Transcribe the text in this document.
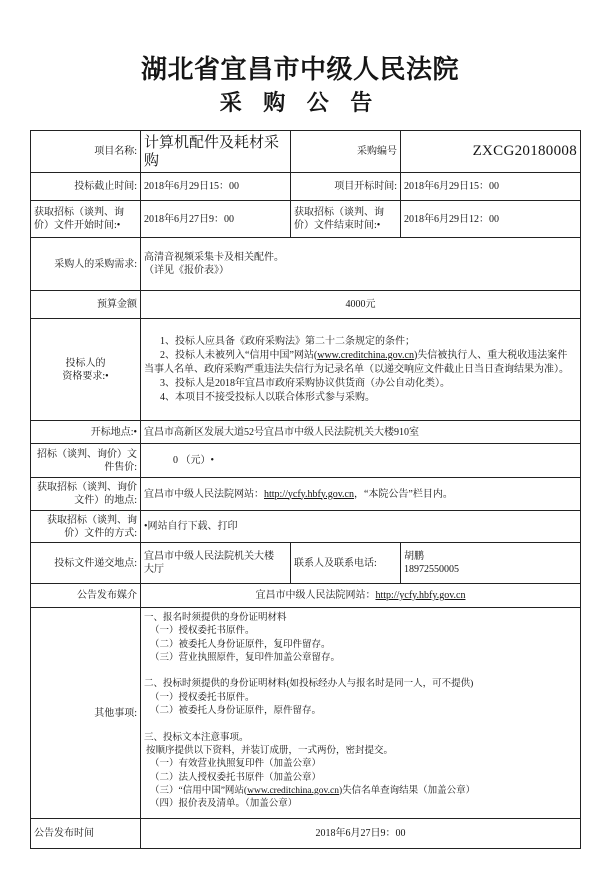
湖北省宜昌市中级人民法院
采 购 公 告
项目名称:
计算机配件及耗材采购
采购编号	ZXCG20180008
投标截止时间: 2018年6月29日15：00	项目开标时间: 2018年6月29日15：00
获取招标（谈判、询价）文件开始时间:•
2018年6月27日9：00
获取招标（谈判、询价）文件结束时间:•
2018年6月29日12：00
采购人的采购需求:
高清音视频采集卡及相关配件。
（详见《报价表》）
预算金额	4000元
投标人的
资格要求:•
1、投标人应具备《政府采购法》第二十二条规定的条件；
2、投标人未被列入“信用中国”网站(www.creditchina.gov.cn)失信被执行人、重大税收违法案件当事人名单、政府采购严重违法失信行为记录名单（以递交响应文件截止日当日查询结果为准）。
3、投标人是2018年宜昌市政府采购协议供货商（办公自动化类）。
4、本项目不接受投标人以联合体形式参与采购。
开标地点:• 宜昌市高新区发展大道52号宜昌市中级人民法院机关大楼910室
招标（谈判、询价）文件售价:
0 （元）•
获取招标（谈判、询价文件）的地点:
宜昌市中级人民法院网站：http://ycfy.hbfy.gov.cn，“本院公告”栏目内。
获取招标（谈判、询价）文件的方式:
•网站自行下载、打印
投标文件递交地点:
宜昌市中级人民法院机关大楼大厅
联系人及联系电话:
胡鹏
18972550005
公告发布媒介	宜昌市中级人民法院网站：http://ycfy.hbfy.gov.cn
其他事项:
一、报名时须提供的身份证明材料
（一）授权委托书原件。
（二）被委托人身份证原件，复印件留存。
（三）营业执照原件，复印件加盖公章留存。
二、投标时须提供的身份证明材料(如投标经办人与报名时是同一人，可不提供)
（一）授权委托书原件。
（二）被委托人身份证原件，原件留存。
三、投标文本注意事项。
按顺序提供以下资料，并装订成册，一式两份，密封提交。
（一）有效营业执照复印件（加盖公章）
（二）法人授权委托书原件（加盖公章）
（三）“信用中国”网站(www.creditchina.gov.cn)失信名单查询结果（加盖公章）
（四）报价表及清单。（加盖公章）
公告发布时间	2018年6月27日9：00
